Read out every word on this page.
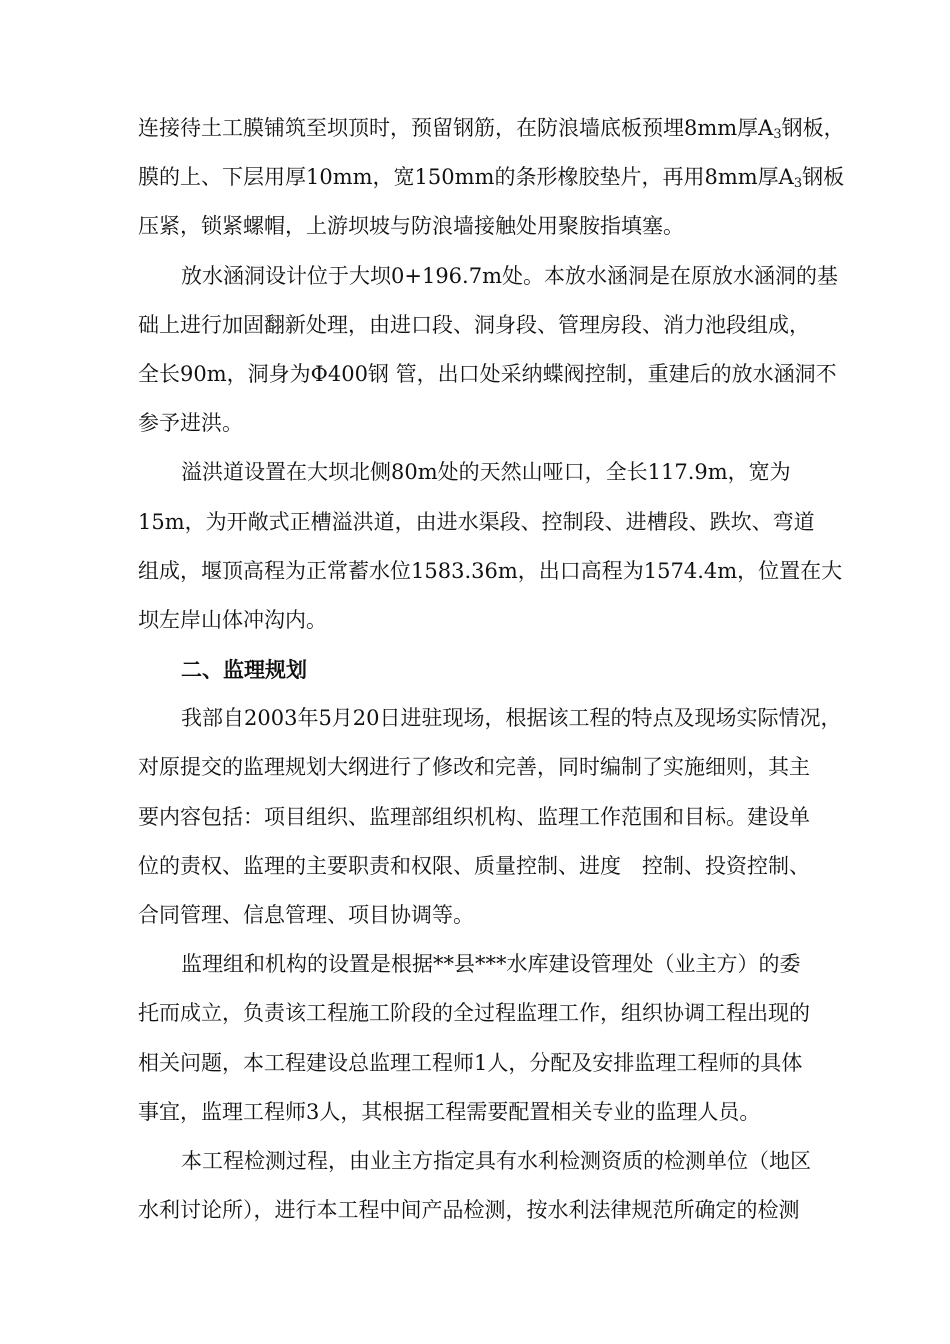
连接待土工膜铺筑至坝顶时，预留钢筋，在防浪墙底板预埋8mm厚$A_3$钢板，
膜的上、下层用厚10mm，宽150mm的条形橡胶垫片，再用8mm厚$A_3$钢板
压紧，锁紧螺帽，上游坝坡与防浪墙接触处用聚胺指填塞。
放水涵洞设计位于大坝0+196.7m处。本放水涵洞是在原放水涵洞的基
础上进行加固翻新处理，由进口段、洞身段、管理房段、消力池段组成，
全长90m，洞身为Φ400钢 管，出口处采纳蝶阀控制，重建后的放水涵洞不
参予进洪。
溢洪道设置在大坝北侧80m处的天然山哑口，全长117.9m，宽为
15m，为开敞式正槽溢洪道，由进水渠段、控制段、进槽段、跌坎、弯道
组成，堰顶高程为正常蓄水位1583.36m，出口高程为1574.4m，位置在大
坝左岸山体冲沟内。
二、监理规划
我部自2003年5月20日进驻现场，根据该工程的特点及现场实际情况，
对原提交的监理规划大纲进行了修改和完善，同时编制了实施细则，其主
要内容包括：项目组织、监理部组织机构、监理工作范围和目标。建设单
位的责权、监理的主要职责和权限、质量控制、进度　控制、投资控制、
合同管理、信息管理、项目协调等。
监理组和机构的设置是根据**县***水库建设管理处（业主方）的委
托而成立，负责该工程施工阶段的全过程监理工作，组织协调工程出现的
相关问题，本工程建设总监理工程师1人，分配及安排监理工程师的具体
事宜，监理工程师3人，其根据工程需要配置相关专业的监理人员。
本工程检测过程，由业主方指定具有水利检测资质的检测单位（地区
水利讨论所），进行本工程中间产品检测，按水利法律规范所确定的检测
